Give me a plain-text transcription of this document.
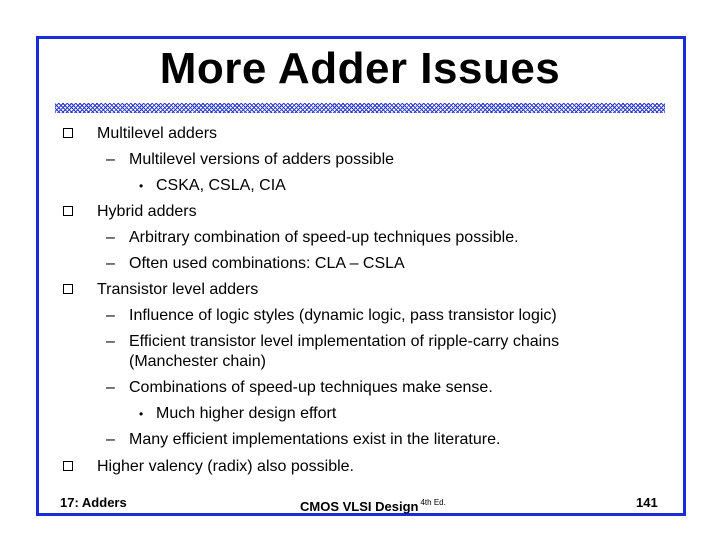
More Adder Issues
Multilevel adders
– Multilevel versions of adders possible
• CSKA, CSLA, CIA
Hybrid adders
– Arbitrary combination of speed-up techniques possible.
– Often used combinations: CLA – CSLA
Transistor level adders
– Influence of logic styles (dynamic logic, pass transistor logic)
– Efficient transistor level implementation of ripple-carry chains
(Manchester chain)
– Combinations of speed-up techniques make sense.
• Much higher design effort
– Many efficient implementations exist in the literature.
Higher valency (radix) also possible.
17: Adders	CMOS VLSI Design $^{4th Ed.}$	141
